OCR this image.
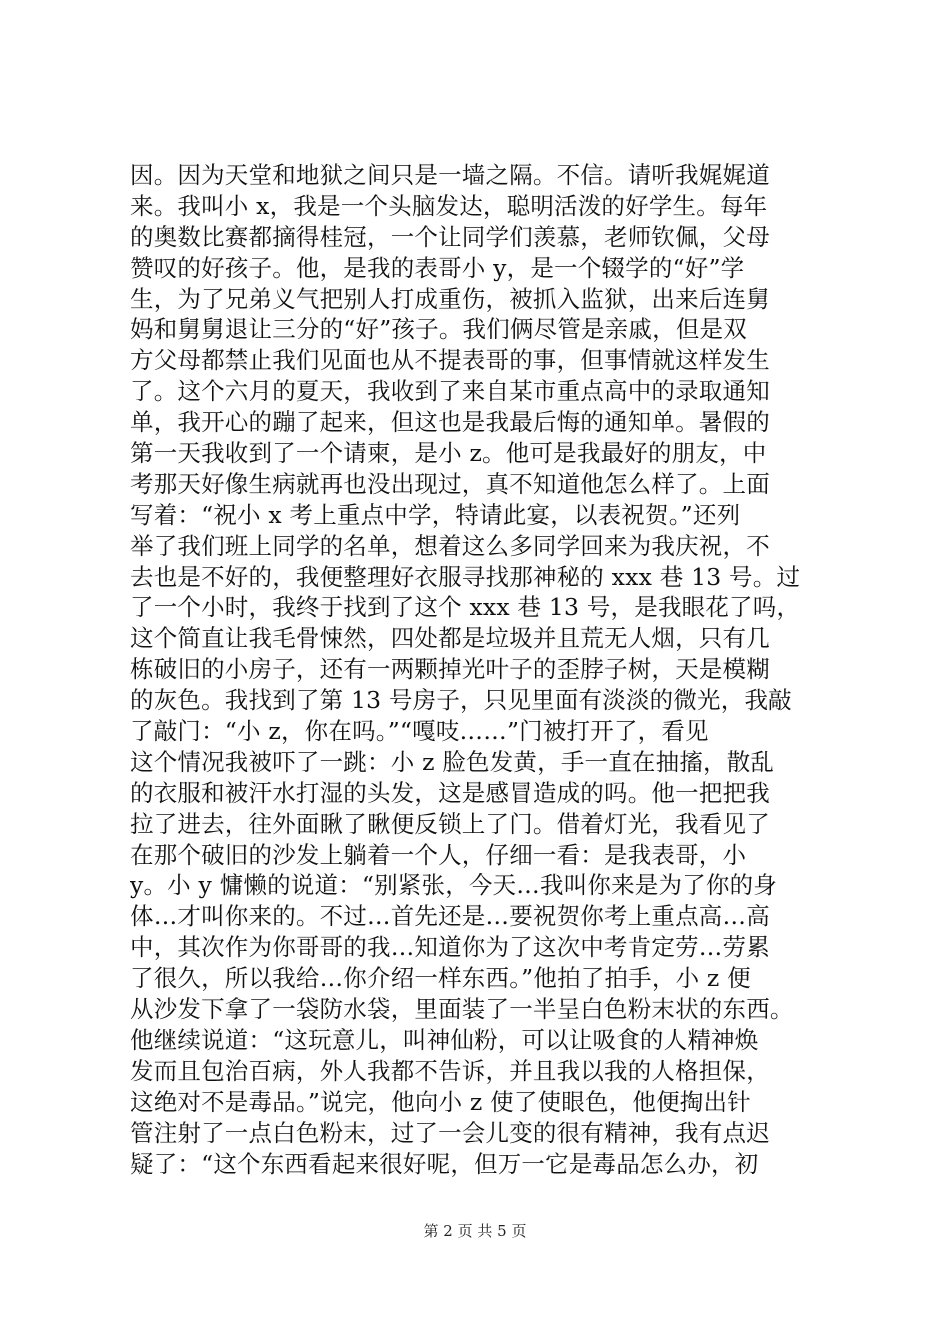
因。因为天堂和地狱之间只是一墙之隔。不信。请听我娓娓道
来。我叫小 x，我是一个头脑发达，聪明活泼的好学生。每年
的奥数比赛都摘得桂冠，一个让同学们羡慕，老师钦佩，父母
赞叹的好孩子。他，是我的表哥小 y，是一个辍学的“好”学
生，为了兄弟义气把别人打成重伤，被抓入监狱，出来后连舅
妈和舅舅退让三分的“好”孩子。我们俩尽管是亲戚，但是双
方父母都禁止我们见面也从不提表哥的事，但事情就这样发生
了。这个六月的夏天，我收到了来自某市重点高中的录取通知
单，我开心的蹦了起来，但这也是我最后悔的通知单。暑假的
第一天我收到了一个请柬，是小 z。他可是我最好的朋友，中
考那天好像生病就再也没出现过，真不知道他怎么样了。上面
写着：“祝小 x 考上重点中学，特请此宴，以表祝贺。”还列
举了我们班上同学的名单，想着这么多同学回来为我庆祝，不
去也是不好的，我便整理好衣服寻找那神秘的 xxx 巷 13 号。过
了一个小时，我终于找到了这个 xxx 巷 13 号，是我眼花了吗，
这个简直让我毛骨悚然，四处都是垃圾并且荒无人烟，只有几
栋破旧的小房子，还有一两颗掉光叶子的歪脖子树，天是模糊
的灰色。我找到了第 13 号房子，只见里面有淡淡的微光，我敲
了敲门：“小 z，你在吗。”“嘎吱……”门被打开了，看见
这个情况我被吓了一跳：小 z 脸色发黄，手一直在抽搐，散乱
的衣服和被汗水打湿的头发，这是感冒造成的吗。他一把把我
拉了进去，往外面瞅了瞅便反锁上了门。借着灯光，我看见了
在那个破旧的沙发上躺着一个人，仔细一看：是我表哥，小
y。小 y 慵懒的说道：“别紧张，今天…我叫你来是为了你的身
体…才叫你来的。不过…首先还是…要祝贺你考上重点高…高
中，其次作为你哥哥的我…知道你为了这次中考肯定劳…劳累
了很久，所以我给…你介绍一样东西。”他拍了拍手，小 z 便
从沙发下拿了一袋防水袋，里面装了一半呈白色粉末状的东西。
他继续说道：“这玩意儿，叫神仙粉，可以让吸食的人精神焕
发而且包治百病，外人我都不告诉，并且我以我的人格担保，
这绝对不是毒品。”说完，他向小 z 使了使眼色，他便掏出针
管注射了一点白色粉末，过了一会儿变的很有精神，我有点迟
疑了：“这个东西看起来很好呢，但万一它是毒品怎么办，初
第 2 页 共 5 页
